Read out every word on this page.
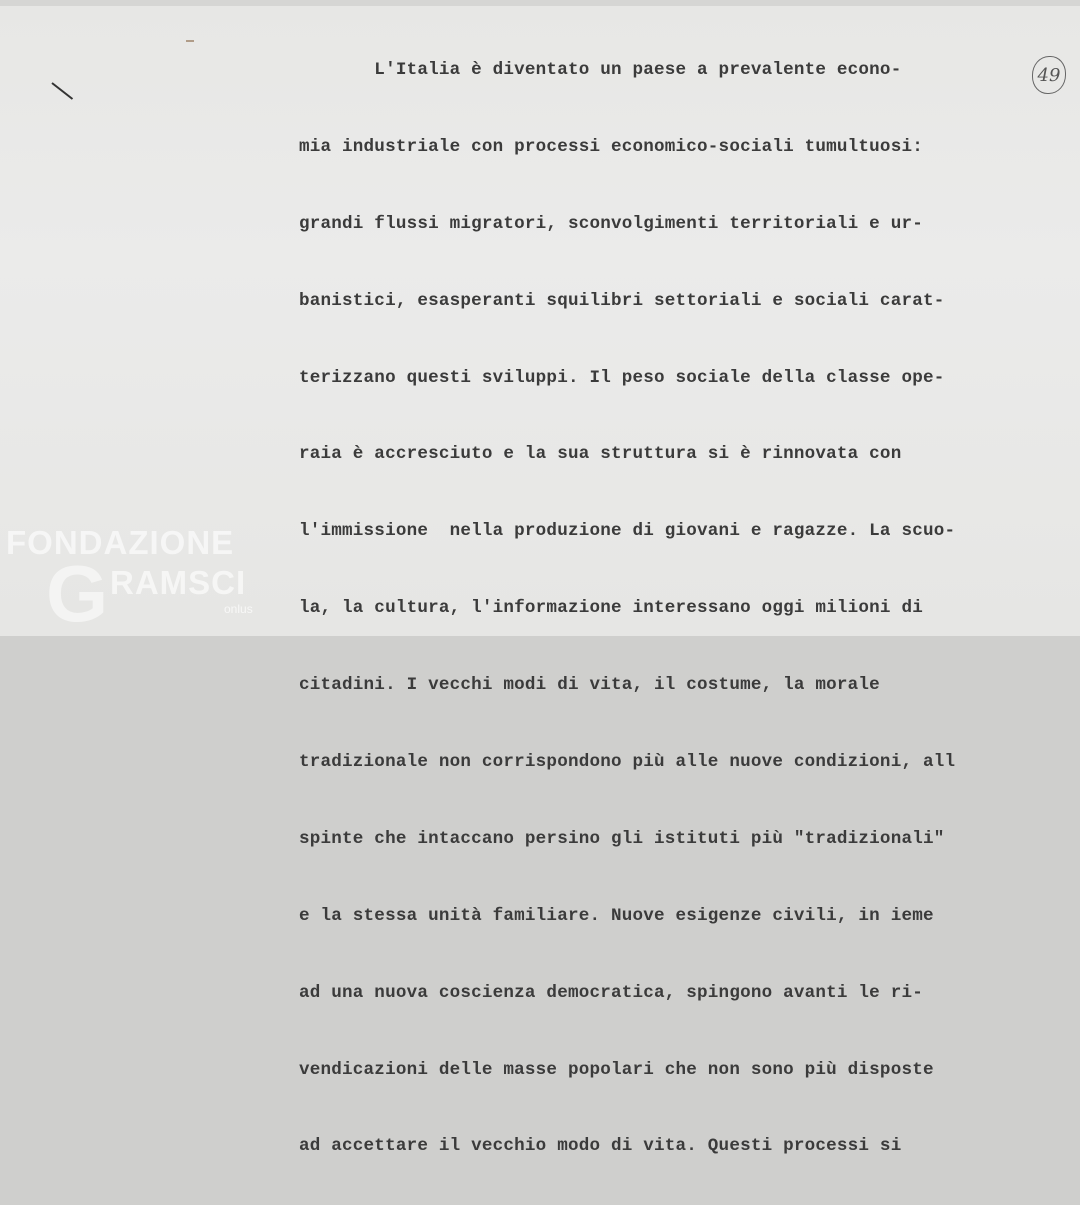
L'Italia è diventato un paese a prevalente econo-

mia industriale con processi economico-sociali tumultuosi:

grandi flussi migratori, sconvolgimenti territoriali e ur-

banistici, esasperanti squilibri settoriali e sociali carat-

terizzano questi sviluppi. Il peso sociale della classe ope-

raia è accresciuto e la sua struttura si è rinnovata con

l'immissione  nella produzione di giovani e ragazze. La scuo-

la, la cultura, l'informazione interessano oggi milioni di

citadini. I vecchi modi di vita, il costume, la morale

tradizionale non corrispondono più alle nuove condizioni, all

spinte che intaccano persino gli istituti più "tradizionali"

e la stessa unità familiare. Nuove esigenze civili, in ieme

ad una nuova coscienza democratica, spingono avanti le ri-

vendicazioni delle masse popolari che non sono più disposte

ad accettare il vecchio modo di vita. Questi processi si

49
FONDAZIONE
G RAMSCI
onlus
